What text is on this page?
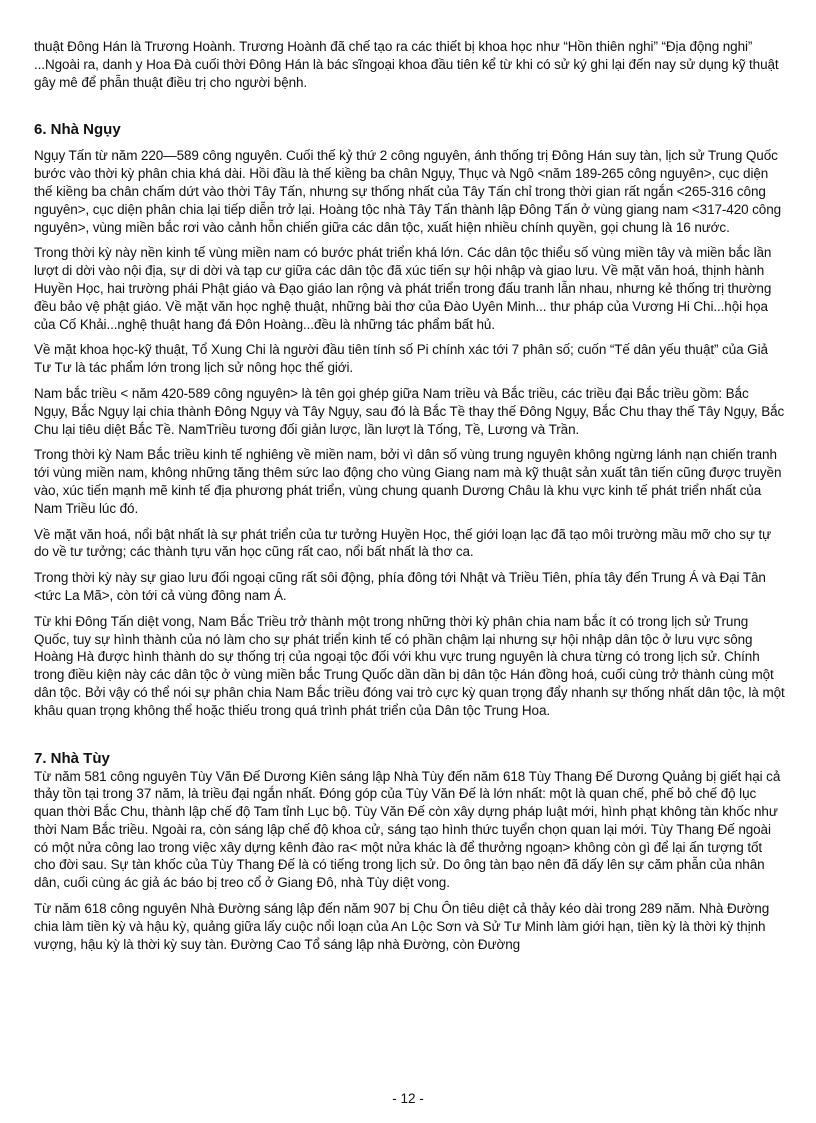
thuật Đông Hán là Trương Hoành. Trương Hoành đã chế tạo ra các thiết bị khoa học như “Hồn thiên nghi” “Địa động nghi” ...Ngoài ra, danh y Hoa Đà cuối thời Đông Hán là bác sĩngoại khoa đầu tiên kể từ khi có sử ký ghi lại đến nay sử dụng kỹ thuật gây mê để phẫn thuật điều trị cho người bệnh.

6. Nhà Ngụy

Ngụy Tấn từ năm 220—589 công nguyên. Cuối thế kỷ thứ 2 công nguyên, ánh thống trị Đông Hán suy tàn, lịch sử Trung Quốc bước vào thời kỳ phân chia khá dài. Hồi đầu là thế kiềng ba chân Ngụy, Thục và Ngô <năm 189-265 công nguyên>, cục diện thế kiềng ba chân chấm dứt vào thời Tây Tấn, nhưng sự thống nhất của Tây Tấn chỉ trong thời gian rất ngắn <265-316 công nguyên>, cục diện phân chia lại tiếp diễn trở lại. Hoàng tộc nhà Tây Tấn thành lập Đông Tấn ở vùng giang nam <317-420 công nguyên>, vùng miền bắc rơi vào cảnh hỗn chiến giữa các dân tộc, xuất hiện nhiều chính quyền, gọi chung là 16 nước.

Trong thời kỳ này nền kinh tế vùng miền nam có bước phát triển khá lớn. Các dân tộc thiểu số vùng miền tây và miền bắc lần lượt di dời vào nội địa, sự di dời và tạp cư giữa các dân tộc đã xúc tiến sự hội nhập và giao lưu. Về mặt văn hoá, thịnh hành Huyền Học, hai trường phái Phật giáo và Đạo giáo lan rộng và phát triển trong đấu tranh lẫn nhau, nhưng kẻ thống trị thường đều bảo vệ phật giáo. Về mặt văn học nghệ thuật, những bài thơ của Đào Uyên Minh... thư pháp của Vương Hi Chi...hội họa của Cố Khải...nghệ thuật hang đá Đôn Hoàng...đều là những tác phẩm bất hủ.

Về mặt khoa học-kỹ thuật, Tổ Xung Chi là người đầu tiên tính số Pi chính xác tới 7 phân số; cuốn “Tế dân yếu thuật” của Giả Tư Tư là tác phẩm lớn trong lịch sử nông học thế giới.

Nam bắc triều < năm 420-589 công nguyên> là tên gọi ghép giữa Nam triều và Bắc triều, các triều đại Bắc triều gồm: Bắc Ngụy, Bắc Ngụy lại chia thành Đông Ngụy và Tây Ngụy, sau đó là Bắc Tề thay thế Đông Ngụy, Bắc Chu thay thế Tây Ngụy, Bắc Chu lại tiêu diệt Bắc Tề. NamTriều tương đối giản lược, lần lượt là Tống, Tề, Lương và Trần.

Trong thời kỳ Nam Bắc triều kinh tế nghiêng về miền nam, bởi vì dân số vùng trung nguyên không ngừng lánh nạn chiến tranh tới vùng miền nam, không những tăng thêm sức lao động cho vùng Giang nam mà kỹ thuật sản xuất tân tiến cũng được truyền vào, xúc tiến mạnh mẽ kinh tế địa phương phát triển, vùng chung quanh Dương Châu là khu vực kinh tế phát triển nhất của Nam Triều lúc đó.

Về mặt văn hoá, nổi bật nhất là sự phát triển của tư tưởng Huyền Học, thế giới loạn lạc đã tạo môi trường mầu mỡ cho sự tự do về tư tưởng; các thành tựu văn học cũng rất cao, nổi bất nhất là thơ ca.

Trong thời kỳ này sự giao lưu đối ngoại cũng rất sôi động, phía đông tới Nhật và Triều Tiên, phía tây đến Trung Á và Đại Tân <tức La Mã>, còn tới cả vùng đông nam Á.

Từ khi Đông Tấn diệt vong, Nam Bắc Triều trở thành một trong những thời kỳ phân chia nam bắc ít có trong lịch sử Trung Quốc, tuy sự hình thành của nó làm cho sự phát triển kinh tế có phần chậm lại nhưng sự hội nhập dân tộc ở lưu vực sông Hoàng Hà được hình thành do sự thống trị của ngoại tộc đối với khu vực trung nguyên là chưa từng có trong lịch sử. Chính trong điều kiện này các dân tộc ở vùng miền bắc Trung Quốc dần dần bị dân tộc Hán đồng hoá, cuối cùng trở thành cùng một dân tộc. Bởi vậy có thể nói sự phân chia Nam Bắc triều đóng vai trò cực kỳ quan trọng đẩy nhanh sự thống nhất dân tộc, là một khâu quan trọng không thể hoặc thiếu trong quá trình phát triển của Dân tộc Trung Hoa.

7. Nhà Tùy

Từ năm 581 công nguyên Tùy Văn Đế Dương Kiên sáng lập Nhà Tùy đến năm 618 Tùy Thang Đế Dương Quảng bị giết hại cả thảy tồn tại trong 37 năm, là triều đại ngắn nhất. Đóng góp của Tùy Văn Đế là lớn nhất: một là quan chế, phế bỏ chế độ lục quan thời Bắc Chu, thành lập chế độ Tam tỉnh Lục bộ. Tùy Văn Đế còn xây dựng pháp luật mới, hình phạt không tàn khốc như thời Nam Bắc triều. Ngoài ra, còn sáng lập chế độ khoa cử, sáng tạo hình thức tuyển chọn quan lại mới. Tùy Thang Đế ngoài có một nửa công lao trong việc xây dựng kênh đào ra< một nửa khác là để thưởng ngoạn> không còn gì để lại ấn tượng tốt cho đời sau. Sự tàn khốc của Tùy Thang Đế là có tiếng trong lịch sử. Do ông tàn bạo nên đã dấy lên sự căm phẫn của nhân dân, cuối cùng ác giả ác báo bị treo cổ ở Giang Đô, nhà Tùy diệt vong.

Từ năm 618 công nguyên Nhà Đường sáng lập đến năm 907 bị Chu Ôn tiêu diệt cả thảy kéo dài trong 289 năm. Nhà Đường chia làm tiền kỳ và hậu kỳ, quảng giữa lấy cuộc nổi loạn của An Lộc Sơn và Sử Tư Minh làm giới hạn, tiền kỳ là thời kỳ thịnh vượng, hậu kỳ là thời kỳ suy tàn. Đường Cao Tổ sáng lập nhà Đường, còn Đường

- 12 -
